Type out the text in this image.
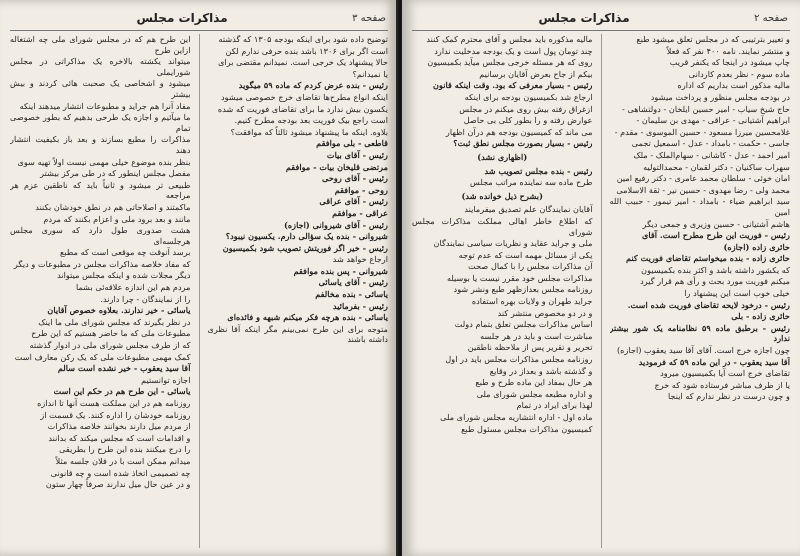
صفحه ۳
مذاکرات مجلس

توضیح داده شود برای اینکه بودجه ۱۳۰۵ که گذشته

است اگر برای ۱۳۰۶ باشد بنده حرفی ندارم لکن

حالا پیشنهاد یک خرجی است. نمیدانم مقتضی برای

یا نمیدانم؟

رئیس - بنده عرض کردم که ماده ۵۹ میگوید

اینکه انواع مطرح‌ها تقاضای خرج خصوصی میشود

یکسون بیش ندارد ما برای تقاضای فوریت که شده

است راجع بیک فوریت بعد بودجه مطرح کنیم.

بلاوه. اینکه ما پیشنهاد میشود ثالثاً که موافقت؟

قاطعی - بلی موافقم

رئیس - آقای بیات

مرتضی قلیخان بیات - موافقم

رئیس - آقای روحی

روحی - موافقم

رئیس - آقای عراقی

عراقی - موافقم

رئیس - آقای شیروانی (اجازه)

شیروانی - بنده یک سؤالی دارم. یکسیون نیبود؟

رئیس - خیر اگر فوریتش تصویب شود بکمیسیون

ارجاع خواهد شد

شیروانی - پس بنده موافقم

رئیس - آقای یاسائی

یاسائی - بنده مخالفم

رئیس - بفرمائید

یاسائی - بنده هرچه فکر میکنم شبهه و فائده‌ای

متوجه برای این طرح نمی‌بینم مگر اینکه آقا نظری داشته باشند

این طرح هم که در مجلس شورای ملی چه اشتغاله ازاین طرح

میتواند یکشته بالاخره یک مذاکراتی در مجلس شورایملی

میشود و اشخاصی یک صحبت هائی کردند و بیش بیشتر

مفاد آنرا هم جراید و مطبوعات انتشار میدهند اینکه

ما میآئیم و اجازه یک طرحی بدهیم که بطور خصوصی تمام

مذاکرات را مطبع بسازند و بعد باز بکیفیت انتشار دهند

بنظر بنده موضوع خیلی مهمی نیست اولاً تهیه سوی

مفصل مجلس اینطور که در طی مرکز بیشتر

طبیعی تر میشود و ثانیاً باید که ناطقین عزم هر مراجعه

ماکمتند و اصلاحاتی هم در نطق خودشان بکنند

مانند و بعد برود ملی و اعزام بکنند که مردم

هشت صدوری طول دارد که سوری مجلس هرجلسه‌ای

برسد آنوقت چه موقعی است که مطبع

که مفاد خلاصه مذاکرات مجلس در مطبوعات و دیگر

دیگر مجلات شده و اینکه مجلس میتواند

مردم هم این اندازه علاقه‌ئی بشما

را از نمایندگان - چرا دارند.

یاسائی - خیر ندارند. بعلاوه خصوص آقایان

در نظر بگیرند که مجلس شورای ملی ما اینک

مطبوعات ملی که ما حاضر هستیم که این طرح

که از طرف مجلس شورای ملی در ادوار گذشته

کمک مهمی مطبوعات ملی که یک رکن معارف است

آقا سید یعقوب - خیر نشده است سالم

اجازه توانستیم

یاسائی - این طرح هم در حکم این است

روزنامه هم در این مملکت هست آنها تا اندازه

روزنامه خودشان را اداره کنند. یک قسمت از

از مردم میل دارند بخوانند خلاصه مذاکرات

و اقدامات است که مجلس میکند که بدانند

را درج میکنند بنده این طرح را بطریقی

میدانم ممکن است با در فلان جلسه مثلاً

چه تصمیمی اتخاذ شده است و چه قانونی

و در عین حال میل ندارند صرفاً چهار ستون

صفحه ۲
مذاکرات مجلس

و تغییر بترتیبی که در مجلس تعلق میشود طبع

و منتشر نمایند. نامه ۴۰۰ نفر که فعلاً

چاپ میشود در اینجا که یکنفر قریب

ماده سوم - نظر بعدم کاردانی

مالیه مذکور است بداریم که اداره

در بودجه مجلس منظور و پرداخت میشود

حاج شیخ سیاب - امیر حسین ایلخان - دولتشاهی -

ابراهیم آشتیانی - عراقی - مهدی بن سلیمان -

غلامحسین میرزا مسعود - حسین الموسوی - مقدم -

جاسی - حکمت - بامداد - عدل - اسمعیل تجمی

امیر احمد - عدل - کاشانی - سهام‌الملک - ملک

سهراب ساکنیان - دکتر لقمان - محمدالتولیه

امان خوئی - سلطان محمد عامری - دکتر رفیع امین

محمد ولی - رضا مهدوی - حسین نیر - ثقة الاسلامی

سید ابراهیم ضیاء - بامداد - امیر تیمور - حبیب الله امین

هاشم آشتیانی - حسین وزیری و جمعی دیگر

رئیس - فوریت این طرح مطرح است. آقای

حائری زاده (اجازه)

حائری زاده - بنده میخواستم تقاضای فوریت کنم

که یکشور داشته باشد و اکثر بنده بکمیسیون

میکنم فوریت مورد بحث و رأی هم قرار گیرد

خیلی خوب است این پیشنهاد را

رئیس - درخود لایحه تقاضای فوریت شده است.

حائری زاده - بلی

رئیس - برطبق ماده ۵۹ نظامنامه یک شور بیشتر ندارد

چون اجازه خرج است. آقای آقا سید یعقوب (اجازه)

آقا سید یعقوب - در این ماده ۵۹ که فرمودید

تقاضای خرج است آیا بکمیسیون میرود

یا از طرف مباشر فرستاده شود که خرج

و چون درست در نظر ندارم که اینجا

مالیه مذکوره باید مجلس و آقای محترم کمک کنند

چند تومان پول است و یک بودجه مدخلیت ندارد

روی که هر مسئله خرجی مجلس میآید بکمیسیون

بیکم از جاح بعرض آقایان برسانیم

رئیس - بسیار معرفی که بود. وقت اینکه قانون

ارجاع شد بکمیسیون بودجه برای اینکه

ازغراق رفته بیش روی میکنم در مجلس

عوارض رفته و را بطور کلی بی حاصل

می ماند که کمیسیون بودجه هم درآن اظهار

رئیس - بسیار بصورت مجلس نطق ثبت؟

(اظهاری نشد)

رئیس - بنده مجلس تصویب شد

طرح ماده سه نماینده مراتب مجلس

(بشرح ذیل خوانده شد)

آقایان نمایندگان علم تصدیق میفرمایند

که اطلاع خاطر اهالی مملکت مذاکرات مجلس شورای

ملی و جراید عقاید و نظریات سیاسی نمایندگان

یکی از مسائل مهمه است که عدم توجه

آن مذاکرات مجلس را با کمال صحت

مذاکرات مجلس خود مقرر نیست یا بوسیله

روزنامه مجلس بعدازظهر طبع ونشر شود

جراید طهران و ولایات بهره استفاده

و در دو مخصوص منتشر کند

اساس مذاکرات مجلس تعلق بتمام دولت

مباشرت است و باید در هر جلسه

تحریر و تقریر پس از ملاحظه ناطقین

روزنامه مجلس مذاکرات مجلس باید در اول

و گذشته باشد و بعداز در وقایع

هر حال بمفاد این ماده طرح و طبع

و اداره مطبعه مجلس شورای ملی

لهذا برای ایراد در تمام

ماده اول - اداره انتشاریه مجلس شورای ملی

کمیسیون مذاکرات مجلس مسئول طبع
